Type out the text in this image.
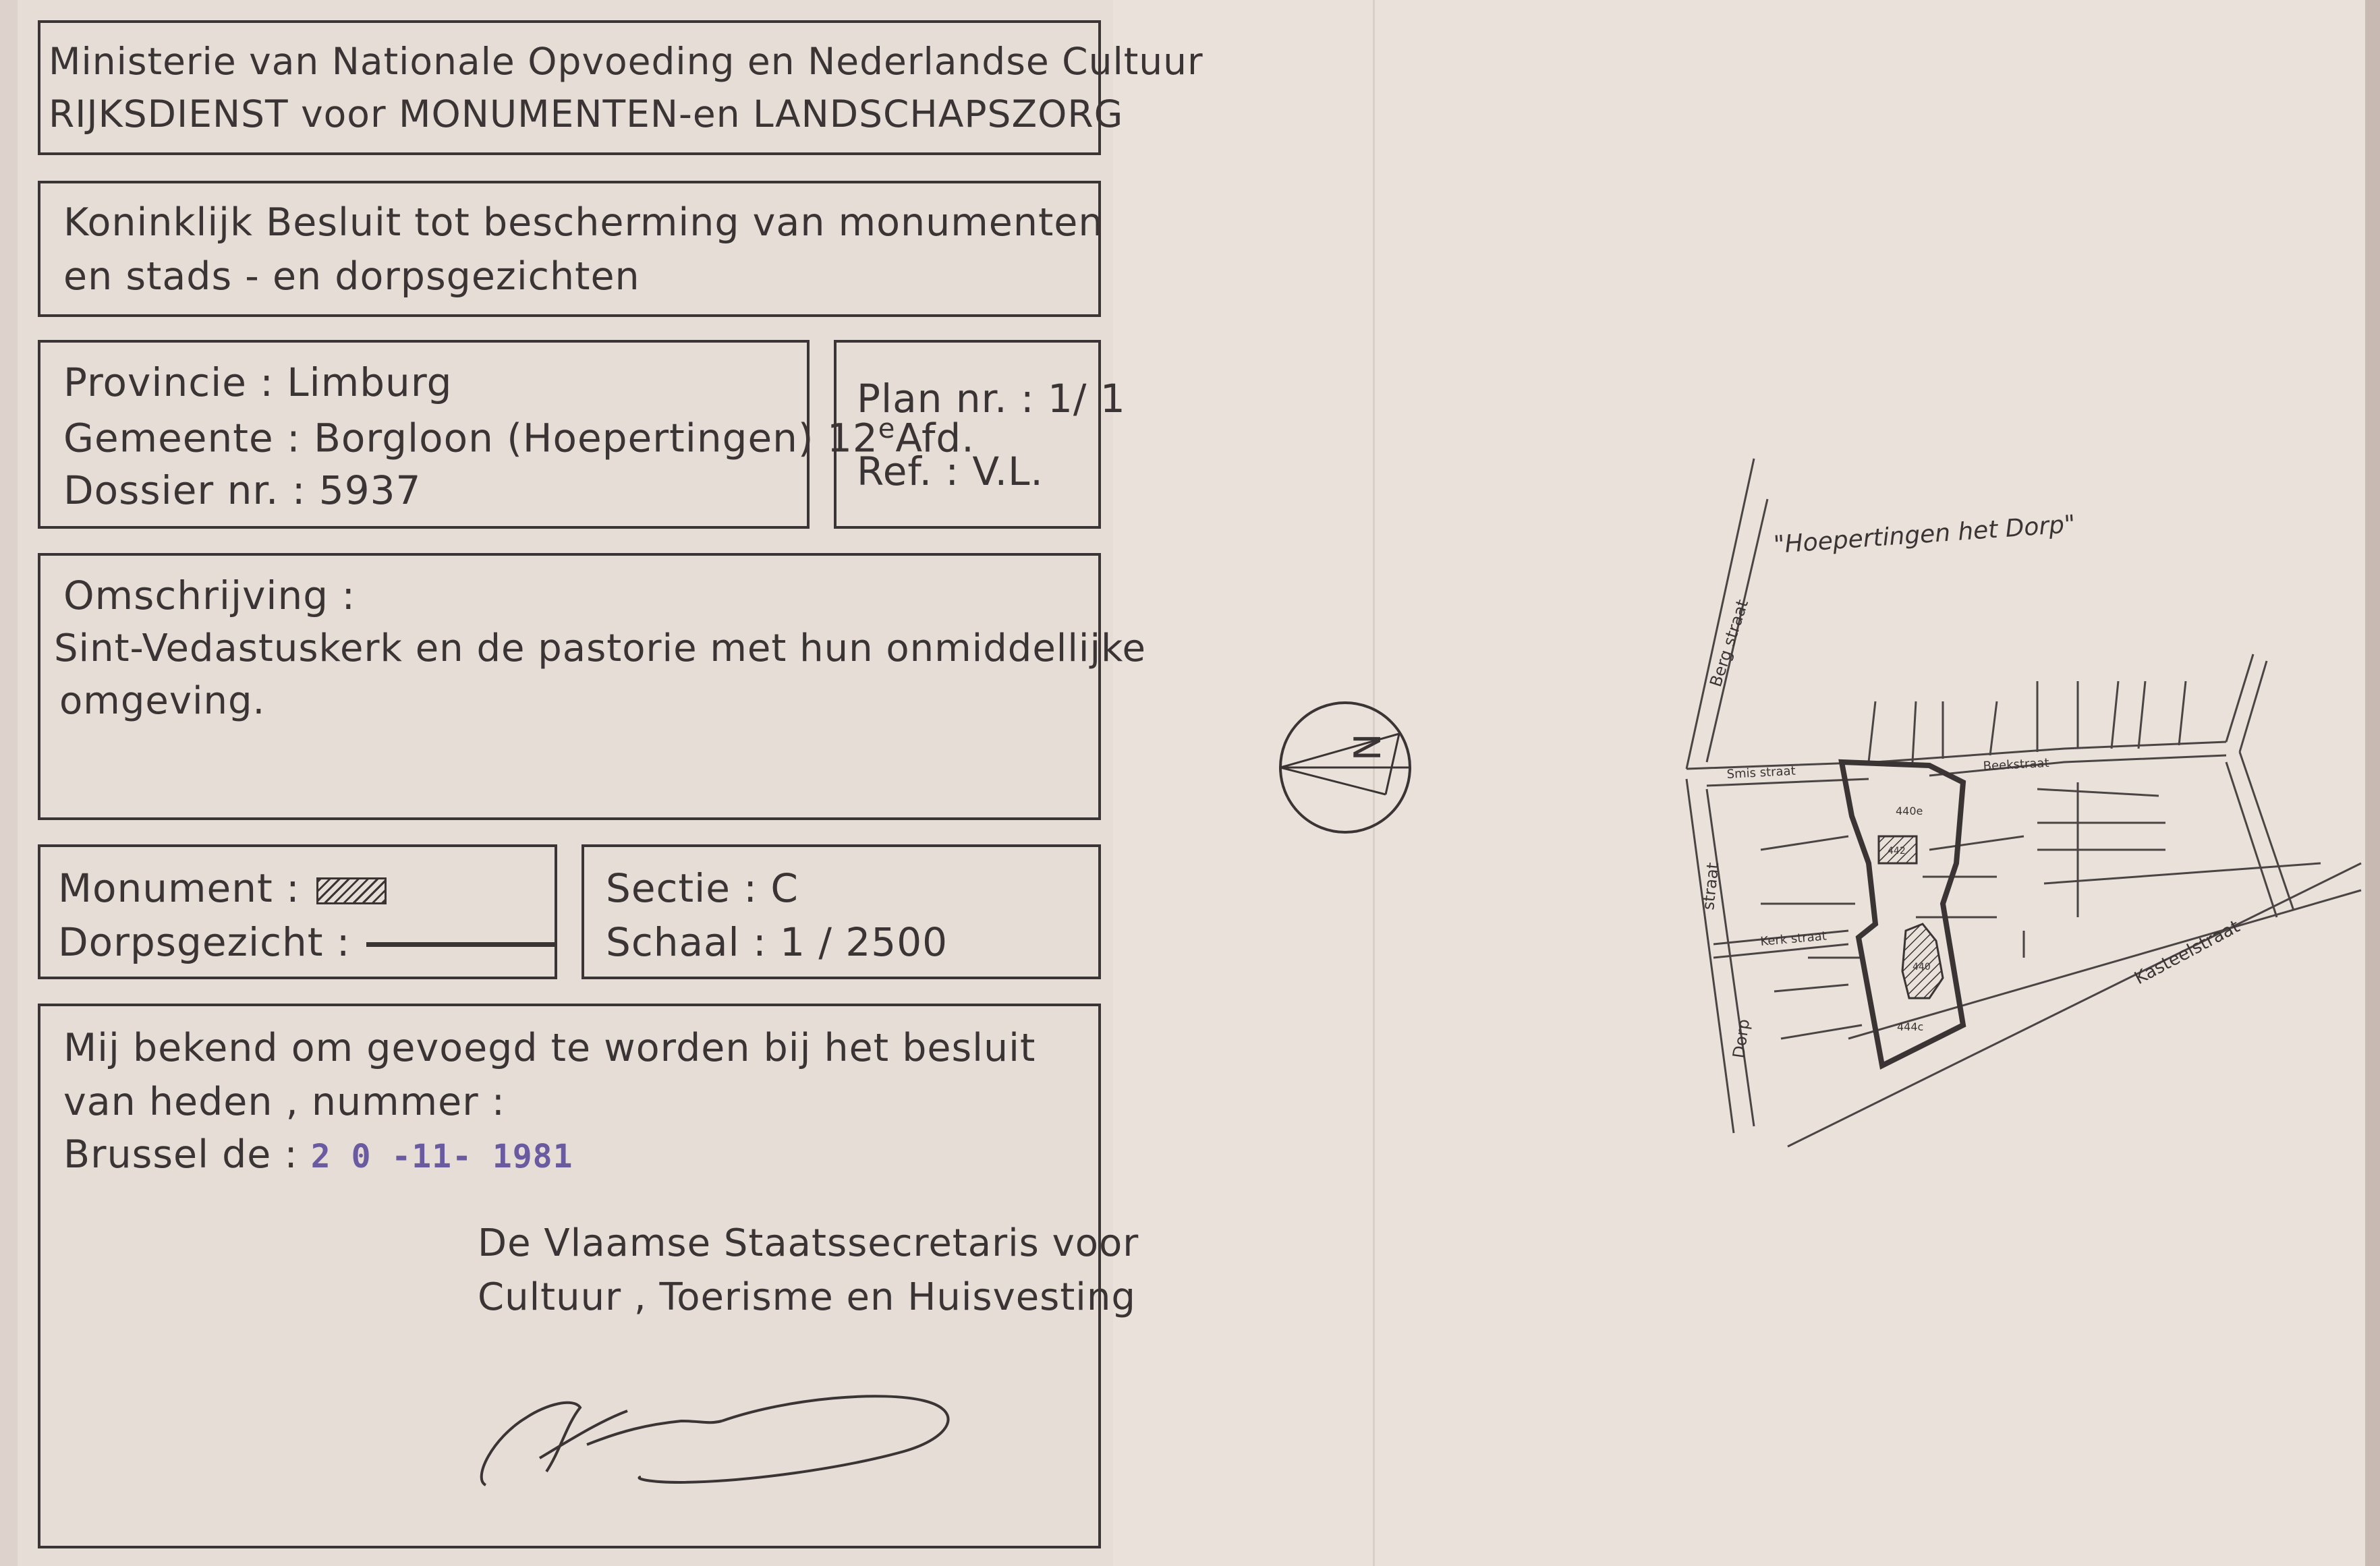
Ministerie van Nationale Opvoeding en Nederlandse Cultuur
RIJKSDIENST voor MONUMENTEN-en LANDSCHAPSZORG
Koninklijk Besluit tot bescherming van monumenten
en stads - en dorpsgezichten
Provincie : Limburg
Gemeente : Borgloon (Hoepertingen) 12eAfd.
Dossier nr. : 5937
Plan nr. : 1/ 1
Ref. : V.L.
Omschrijving :
Sint-Vedastuskerk en de pastorie met hun onmiddellijke
omgeving.
Monument :
Dorpsgezicht :
Sectie : C
Schaal : 1 / 2500
Mij bekend om gevoegd te worden bij het besluit
van heden , nummer :
Brussel de : 2 0 -11- 1981
De Vlaamse Staatssecretaris voor
Cultuur , Toerisme en Huisvesting
N
"Hoepertingen het Dorp"
Berg straat
Smis straat	Beekstraat
straat
Kerk straat
Dorp
Kasteelstraat
440e
442
440
444c
